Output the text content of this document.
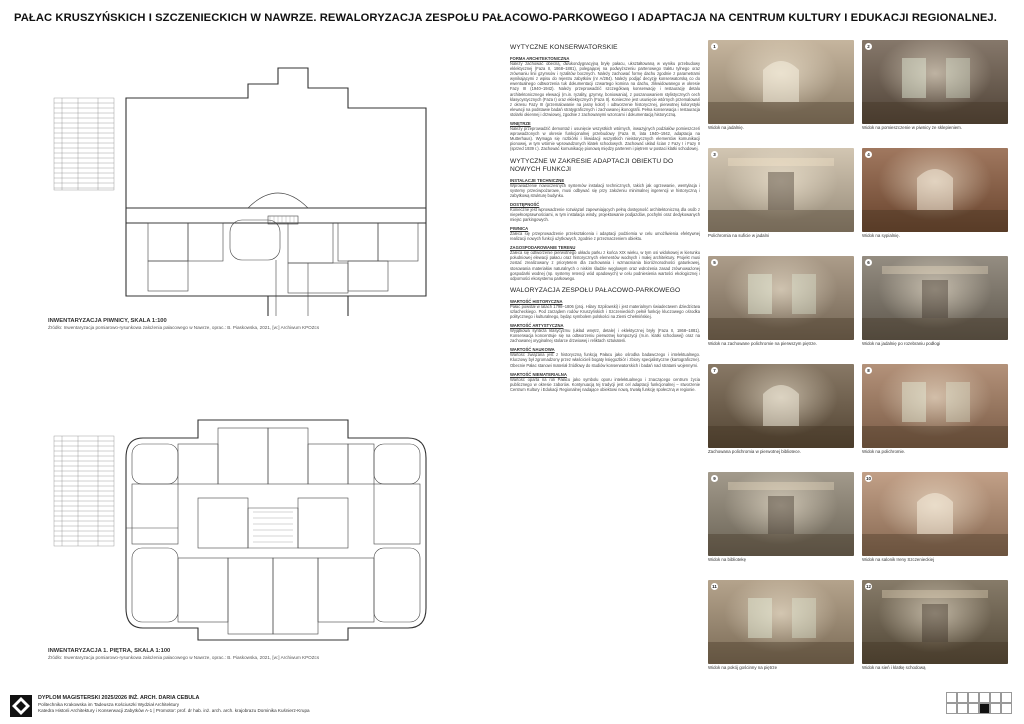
PAŁAC KRUSZYŃSKICH I SZCZENIECKICH W NAWRZE. REWALORYZACJA ZESPOŁU PAŁACOWO-PARKOWEGO I ADAPTACJA NA CENTRUM KULTURY I EDUKACJI REGIONALNEJ.
INWENTARYZACJA PIWNICY, SKALA 1:100
Źródło: Inwentaryzacja pomiarowo-rysunkowa założenia pałacowego w Nawrze, oprac.: B. Piaskowska, 2021, [w:] Archiwum KPOZcs
INWENTARYZACJA 1. PIĘTRA, SKALA 1:100
Źródło: Inwentaryzacja pomiarowo-rysunkowa założenia pałacowego w Nawrze, oprac.: B. Piaskowska, 2021, [w:] Archiwum KPOZcs
WYTYCZNE KONSERWATORSKIE
FORMA ARCHITEKTONICZNA
Należy zachować obecną, dwukondygnacyjną bryłę pałacu, ukształtowaną w wyniku przebudowy eklektycznej (Faza II, 1868–1881), polegającej na podwyższeniu parterowego traktu tylnego oraz zrównaniu linii gzymsów i ryzalitów bocznych. Należy zachować formę dachu zgodnie z parametrami wynikającymi z wpisu do rejestru zabytków (nr A/284). Należy podjąć decyzję konserwatorską co do ewentualnego odtworzenia tuk dokumentacji czwartego komina na dachu, zlikwidowanego w okresie Fazy III (1940–1942). Należy przeprowadzić szczegółową konserwację i restaurację detalu architektonicznego elewacji (m.in. ryzality, gzymsy, boniowania), z poszanowaniem stylistycznych cech klasycystycznych (Faza I) oraz eklektycznych (Faza II). Konieczne jest usunięcie wtórnych przemalowań z okresu Fazy III (przemalowanie na jasny kolor) i odtworzenie historycznej, pierwotnej kolorystyki elewacji na podstawie badań stratygraficznych i zachowanej ikonografii. Pełna konserwacja i restauracja stolarki okiennej i drzwiowej, zgodnie z zachowanymi wzorcami i dokumentacją historyczną.
WNĘTRZE
Należy przeprowadzić demontaż i usunięcie wszystkich wtórnych, inwazyjnych podziałów pomieszczeń wprowadzonych w okresie funkcjonalnej przebudowy (Faza III, lata 1940–1942, adaptacja na Mutterhaus). Wymaga się rozbiórki i likwidacji wszystkich nieistorycznych elementów komunikacji pionowej, w tym wtórnie wprowadzonych klatek schodowych. Zachować układ ścian z Fazy I i Fazy II (sprzed 1939 r.). Zachować komunikację pionową między parterem i piętrem w postaci klatki schodowej.
WYTYCZNE W ZAKRESIE ADAPTACJI OBIEKTU DO NOWYCH FUNKCJI
INSTALACJE TECHNICZNE
Wprowadzenie nowoczesnych systemów instalacji technicznych, takich jak ogrzewanie, wentylacja i systemy przeciwpożarowe, musi odbywać się przy założeniu minimalnej ingerencji w historyczną i zabytkową strukturę budynku.
DOSTĘPNOŚĆ
Konieczne jest wprowadzenie rozwiązań zapewniających pełną dostępność architektoniczną dla osób z niepełnosprawnościami, w tym instalacja windy, projektowanie podjazdów, pochylni oraz dedykowanych miejsc parkingowych.
PIWNICA
Zaleca się przeprowadzenie przekształcenia i adaptacji podziemia w celu umożliwienia efektywnej realizacji nowych funkcji użytkowych, zgodnie z przeznaczeniem obiektu.
ZAGOSPODAROWANIE TERENU
Zaleca się odtworzenie pierwotnego układu parku z końca XIX wieku, w tym osi widokowej w kierunku południowej elewacji pałacu oraz historycznych elementów wodnych i małej architektury. Projekt musi zostać zrealizowany z priorytetem dla zachowania i wzmacniania bioróżnorodności gatunkowej, stosowania materiałów naturalnych o niskim śladzie węglowym oraz wdrożenia zasad zrównoważonej gospodarki wodnej (np. systemy retencji wód opadowych) w celu podniesienia wartości ekologicznej i odporności ekosystemu parkowego.
WALORYZACJA ZESPOŁU PAŁACOWO-PARKOWEGO
WARTOŚĆ HISTORYCZNA
Pałac powstał w latach 1798–1806 (proj. Hilary Szpilowski) i jest materialnym świadectwem dziedzictwa szlacheckiego. Pod zarządem rodów Kruszyńskich i Szczenieckich pełnił funkcję kluczowego ośrodka politycznego i kulturalnego, będąc symbolem polskości na Ziemi Chełmińskiej.
WARTOŚĆ ARTYSTYCZNA
Wyjątkowa synteza klasycyzmu (układ wnętrz, detale) i eklektycznej bryły (Faza II, 1868–1881). Konserwacja koncentruje się na odtworzeniu pierwotnej kompozycji (m.in. klatki schodowej) oraz na zachowanej oryginalnej stolarce drzwiowej i reliktach sztukaterii.
WARTOŚĆ NAUKOWA
Wartość związana jest z historyczną funkcją Pałacu jako ośrodka badawczego i intelektualnego. Kluczowy był zgromadzony przez właścicieli bogaty księgozbiór i zbiory specjalistyczne (kartograficzne). Obecnie Pałac stanowi materiał źródłowy do studiów konserwatorskich i badań nad stratami wojennymi.
WARTOŚĆ NIEMATERIALNA
Wartość oparta na roli Pałacu jako symbolu oporu intelektualnego i znaczącego centrum życia publicznego w okresie zaborów. Kontynuacją tej tradycji jest cel adaptacji funkcjonalnej – stworzenie Centrum Kultury i Edukacji Regionalnej nadające obiektowi nową, trwałą funkcję społeczną w regionie.
1
Widok na jadalnię.
2
Widok na pomieszczenie w piwnicy ze sklepieniem.
3
Polichromia na suficie w jadalni
4
Widok na sypialnię.
5
Widok na zachowane polichromie na pierwszym piętrze.
6
Widok na jadalnię po rozebraniu podłogi
7
Zachowana polichromia w pierwotnej bibliotece.
8
Widok na polichromie.
9
Widok na bibliotekę
10
Widok na salonik Ireny Szczenieckiej
11
Widok na pokój gościnny na piętrze
12
Widok na sień i klatkę schodową
DYPLOM MAGISTERSKI 2025/2026 INŻ. ARCH. DARIA CEBULA
Politechnika Krakowska im Tadeusza Kościuszki Wydział Architektury
Katedra Historii Architektury i Konserwacji Zabytków A-1 | Promotor: prof. dr hab. inż. arch. arch. krajobrazu Dominika Kuśnierz-Krupa
